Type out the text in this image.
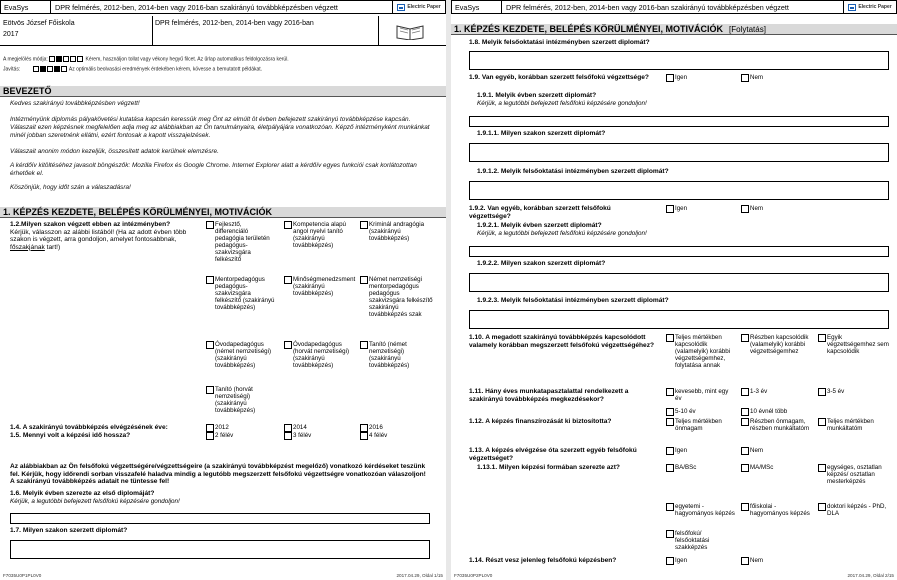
EvaSys	DPR felmérés, 2012-ben, 2014-ben vagy 2016-ban szakirányú továbbképzésben végzett	Electric Paper
Eötvös József Főiskola
2017
DPR felmérés, 2012-ben, 2014-ben vagy 2016-ban
A megjelölés módja:	Kérem, használjon tollat vagy vékony hegyű filcet. Az űrlap automatikus feldolgozásra kerül.
Javítás:	Az optimális beolvasási eredmények érdekében kérem, kövesse a bemutatott példákat.
BEVEZETŐ
Kedves szakirányú továbbképzésben végzett!
Intézményünk diplomás pályakövetési kutatása kapcsán keressük meg Önt az elmúlt öt évben befejezett szakirányú továbbképzése kapcsán. Válaszait ezen képzésnek megfelelően adja meg az alábbiakban az Ön tanulmányaira, életpályájára vonatkozóan. Képző intézményként munkánkat minél jobban szeretnénk ellátni, ezért fontosak a kapott visszajelzések.
Válaszait anonim módon kezeljük, összesített adatok kerülnek elemzésre.
A kérdőív kitöltéséhez javasolt böngészők: Mozilla Firefox és Google Chrome. Internet Explorer alatt a kérdőív egyes funkciói csak korlátozottan érhetőek el.
Köszönjük, hogy időt szán a válaszadásra!
1. KÉPZÉS KEZDETE, BELÉPÉS KÖRÜLMÉNYEI, MOTIVÁCIÓK
1.2.Milyen szakon végzett ebben az intézményben? Kérjük, válasszon az alábbi listából! (Ha az adott évben több szakon is végzett, arra gondoljon, amelyet fontosabbnak, főszakjának tart!)
Fejlesztő, differenciáló pedagógia területén pedagógus-szakvizsgára felkészítő
Kompetencia alapú angol nyelvi tanító (szakirányú továbbképzés)
Kriminál andragógia (szakirányú továbbképzés)
Mentorpedagógus pedagógus-szakvizsgára felkészítő (szakirányú továbbképzés)
Minőségmenedzsment (szakirányú továbbképzés)
Német nemzetiségi mentorpedagógus pedagógus szakvizsgára felkészítő szakirányú továbbképzés szak
Óvodapedagógus (német nemzetiségi) (szakirányú továbbképzés)
Óvodapedagógus (horvát nemzetiségi) (szakirányú továbbképzés)
Tanító (német nemzetiségi) (szakirányú továbbképzés)
Tanító (horvát nemzetiségi) (szakirányú továbbképzés)
1.4. A szakirányú továbbképzés elvégzésének éve:	2012	2014	2016
1.5. Mennyi volt a képzési idő hossza?	2 félév	3 félév	4 félév
Az alábbiakban az Ön felsőfokú végzettségére/végzettségeire (a szakirányú továbbképzést megelőző) vonatkozó kérdéseket teszünk fel. Kérjük, hogy időrendi sorban visszafelé haladva mindig a legutóbb megszerzett felsőfokú végzettségre vonatkozóan válaszoljon! A szakirányú továbbképzés adatait ne tüntesse fel!
1.6. Melyik évben szerezte az első diplomáját?
Kérjük, a legutóbbi befejezett felsőfokú képzésére gondoljon!
1.7. Milyen szakon szerzett diplomát?
F7035U0P1PL0V0	2017.04.29, Oldal 1/15
EvaSys	DPR felmérés, 2012-ben, 2014-ben vagy 2016-ban szakirányú továbbképzésben végzett	Electric Paper
1. KÉPZÉS KEZDETE, BELÉPÉS KÖRÜLMÉNYEI, MOTIVÁCIÓK [Folytatás]
1.8. Melyik felsőoktatási intézményben szerzett diplomát?
1.9. Van egyéb, korábban szerzett felsőfokú végzettsége?	Igen	Nem
1.9.1. Melyik évben szerzett diplomát?
Kérjük, a legutóbbi befejezett felsőfokú képzésére gondoljon!
1.9.1.1. Milyen szakon szerzett diplomát?
1.9.1.2. Melyik felsőoktatási intézményben szerzett diplomát?
1.9.2. Van egyéb, korábban szerzett felsőfokú végzettsége?
Igen	Nem
1.9.2.1. Melyik évben szerzett diplomát?
Kérjük, a legutóbbi befejezett felsőfokú képzésére gondoljon!
1.9.2.2. Milyen szakon szerzett diplomát?
1.9.2.3. Melyik felsőoktatási intézményben szerzett diplomát?
1.10. A megadott szakirányú továbbképzés kapcsolódott valamely korábban megszerzett felsőfokú végzettségéhez?
Teljes mértékben kapcsolódik (valamelyik) korábbi végzettségemhez, folytatása annak
Részben kapcsolódik (valamelyik) korábbi végzettségemhez
Egyik végzettségemhez sem kapcsolódik
1.11. Hány éves munkatapasztalattal rendelkezett a szakirányú továbbképzés megkezdésekor?
kevesebb, mint egy év
1-3 év	3-5 év
5-10 év	10 évnél több
1.12. A képzés finanszírozását ki biztosította?	Teljes mértékben önmagam
Részben önmagam, részben munkáltatóm
Teljes mértékben munkáltatóm
1.13. A képzés elvégzése óta szerzett egyéb felsőfokú végzettséget?
Igen	Nem
1.13.1. Milyen képzési formában szerezte azt?	BA/BSc	MA/MSc	egységes, osztatlan képzés/ osztatlan mesterképzés
egyetemi - hagyományos képzés
főiskolai - hagyományos képzés
doktori képzés - PhD, DLA
felsőfokú/ felsőoktatási szakképzés
1.14. Részt vesz jelenleg felsőfokú képzésben?	Igen	Nem
F7035U0P2PL0V0	2017.04.29, Oldal 2/15
